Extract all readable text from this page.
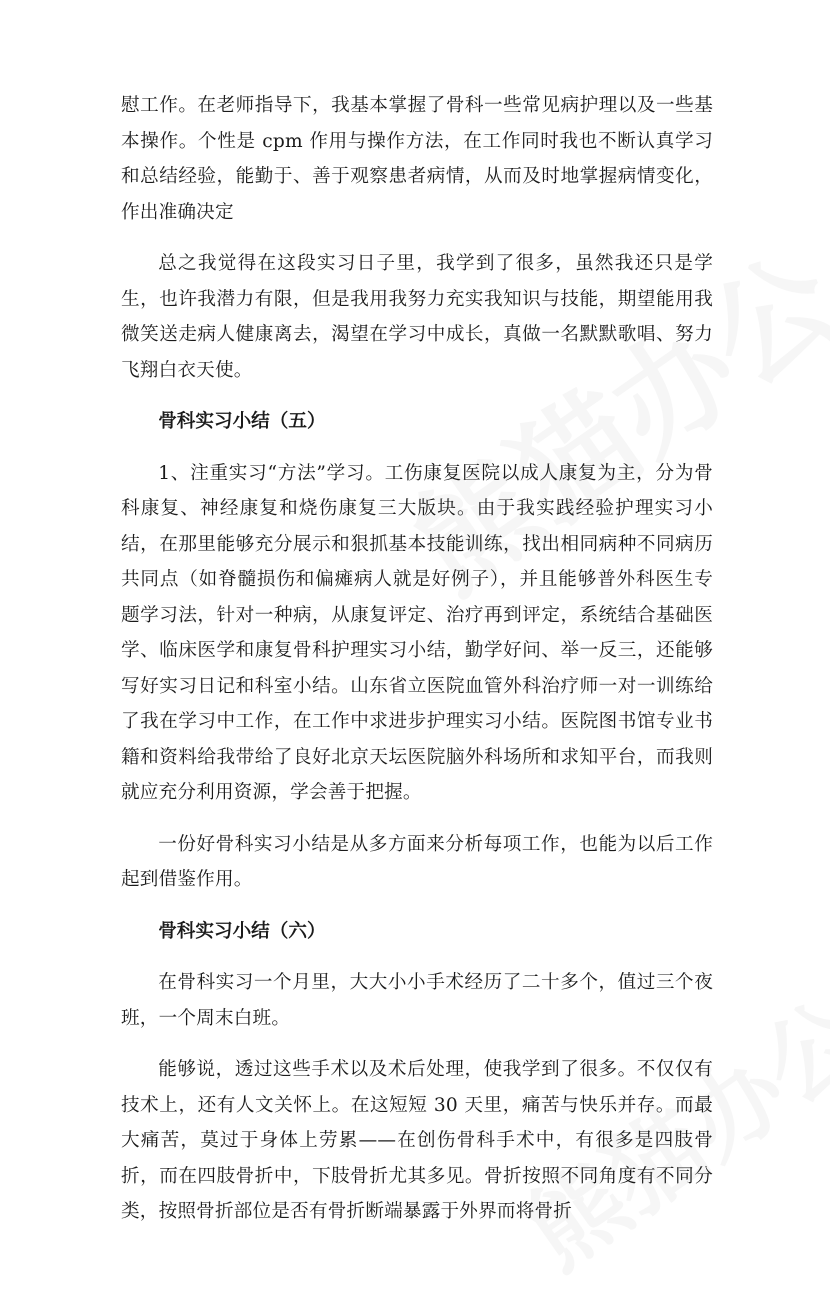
慰工作。在老师指导下，我基本掌握了骨科一些常见病护理以及一些基本操作。个性是 cpm 作用与操作方法，在工作同时我也不断认真学习和总结经验，能勤于、善于观察患者病情，从而及时地掌握病情变化，作出准确决定

总之我觉得在这段实习日子里，我学到了很多，虽然我还只是学生，也许我潜力有限，但是我用我努力充实我知识与技能，期望能用我微笑送走病人健康离去，渴望在学习中成长，真做一名默默歌唱、努力飞翔白衣天使。

骨科实习小结（五）

1、注重实习“方法”学习。工伤康复医院以成人康复为主，分为骨科康复、神经康复和烧伤康复三大版块。由于我实践经验护理实习小结，在那里能够充分展示和狠抓基本技能训练，找出相同病种不同病历共同点（如脊髓损伤和偏瘫病人就是好例子），并且能够普外科医生专题学习法，针对一种病，从康复评定、治疗再到评定，系统结合基础医学、临床医学和康复骨科护理实习小结，勤学好问、举一反三，还能够写好实习日记和科室小结。山东省立医院血管外科治疗师一对一训练给了我在学习中工作，在工作中求进步护理实习小结。医院图书馆专业书籍和资料给我带给了良好北京天坛医院脑外科场所和求知平台，而我则就应充分利用资源，学会善于把握。

一份好骨科实习小结是从多方面来分析每项工作，也能为以后工作起到借鉴作用。

骨科实习小结（六）

在骨科实习一个月里，大大小小手术经历了二十多个，值过三个夜班，一个周末白班。

能够说，透过这些手术以及术后处理，使我学到了很多。不仅仅有技术上，还有人文关怀上。在这短短 30 天里，痛苦与快乐并存。而最大痛苦，莫过于身体上劳累——在创伤骨科手术中，有很多是四肢骨折，而在四肢骨折中，下肢骨折尤其多见。骨折按照不同角度有不同分类，按照骨折部位是否有骨折断端暴露于外界而将骨折
